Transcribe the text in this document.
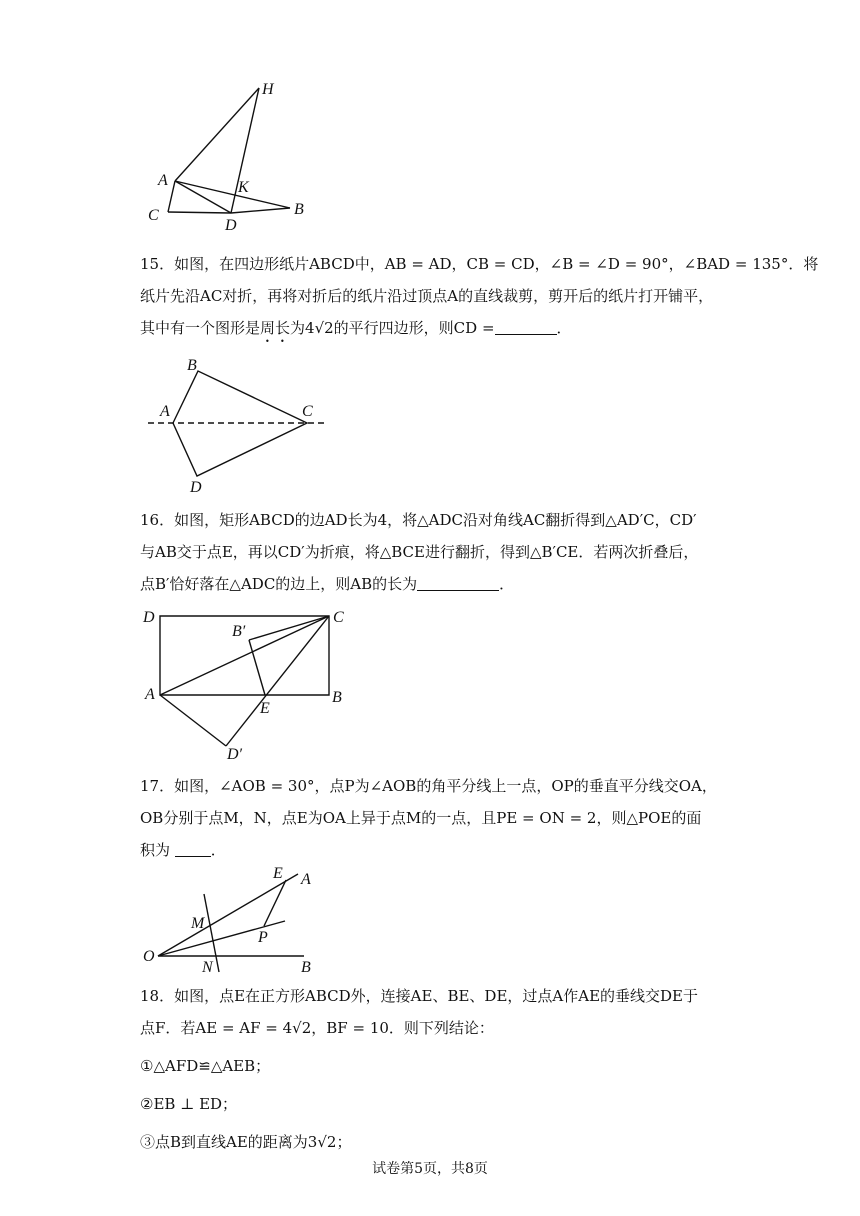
H
A	K
C
D
B

15．如图，在四边形纸片ABCD中，AB = AD，CB = CD，∠B = ∠D = 90°，∠BAD = 135°．将

纸片先沿AC对折，再将对折后的纸片沿过顶点A的直线裁剪，剪开后的纸片打开铺平，

其中有一个图形是周长为4√2的平行四边形，则CD =	．

B
A	C
D

16．如图，矩形ABCD的边AD长为4，将△ADC沿对角线AC翻折得到△AD′C，CD′

与AB交于点E，再以CD′为折痕，将△BCE进行翻折，得到△B′CE．若两次折叠后，

点B′恰好落在△ADC的边上，则AB的长为	．

D	C
B′
A
E
B
D′

17．如图，∠AOB = 30°，点P为∠AOB的角平分线上一点，OP的垂直平分线交OA，

OB分别于点M，N，点E为OA上异于点M的一点，且PE = ON = 2，则△POE的面

积为	．

E A
M
P
O
N	B

18．如图，点E在正方形ABCD外，连接AE、BE、DE，过点A作AE的垂线交DE于

点F．若AE = AF = 4√2，BF = 10．则下列结论：

①△AFD≌△AEB；

②EB ⊥ ED；

③点B到直线AE的距离为3√2；

试卷第5页，共8页
